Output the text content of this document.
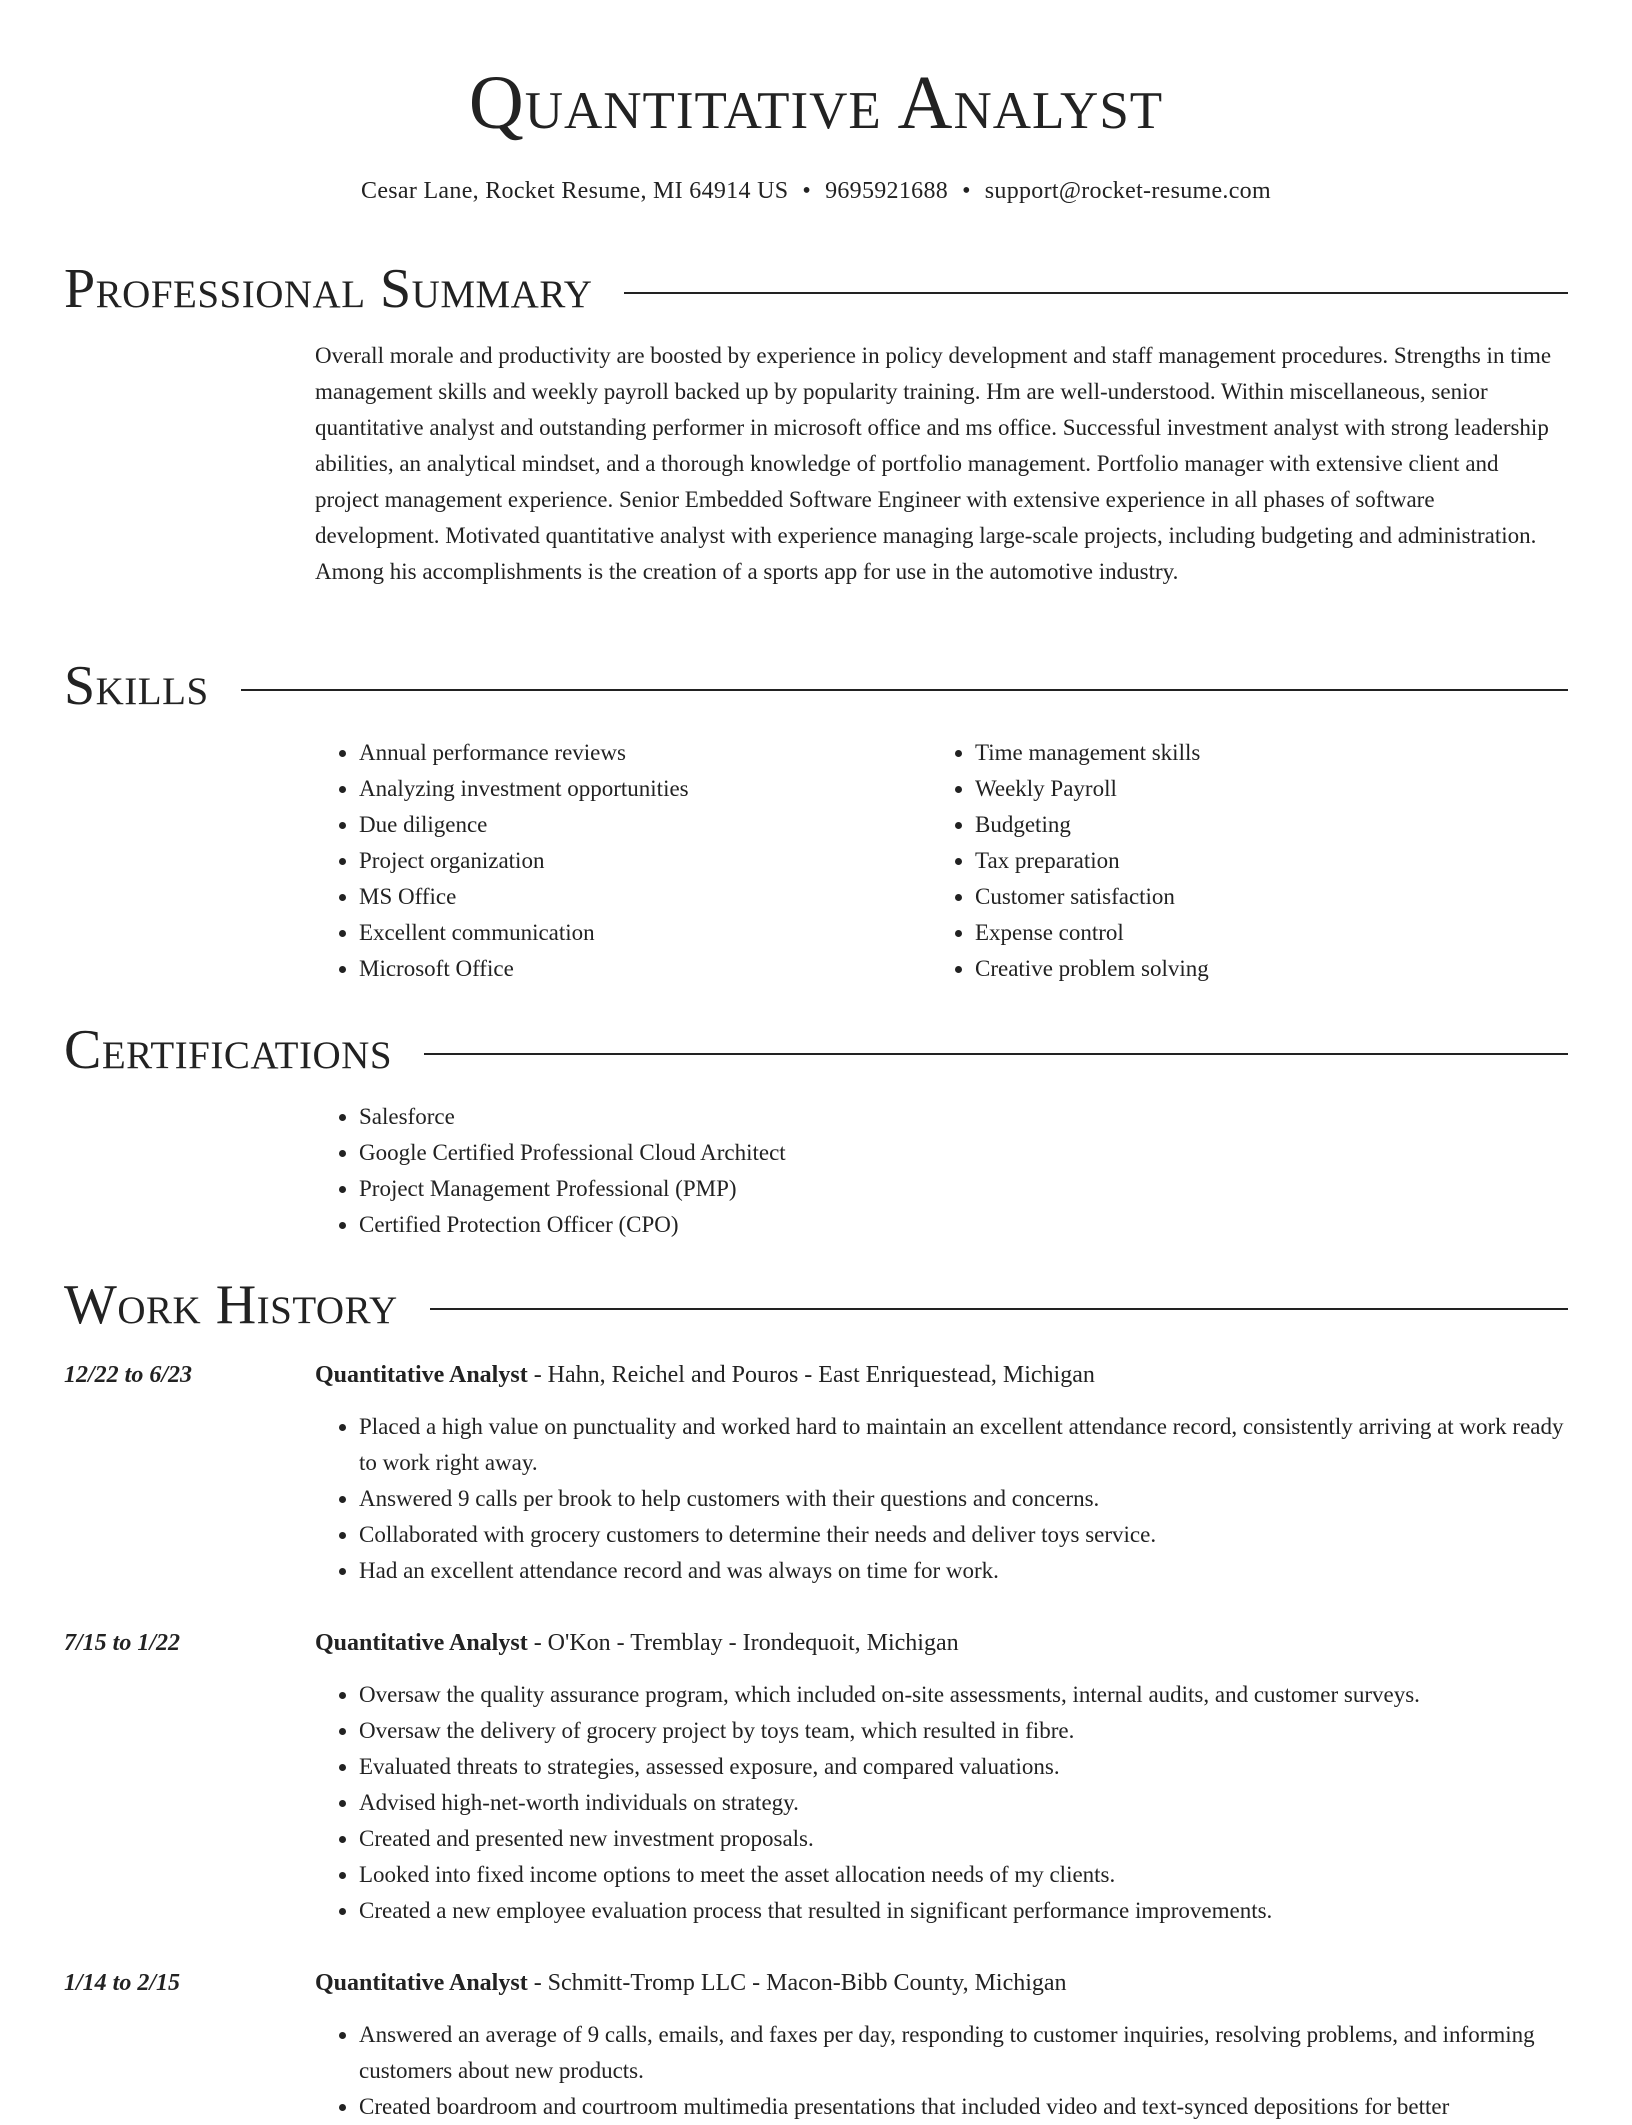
Quantitative Analyst
Cesar Lane, Rocket Resume, MI 64914 US • 9695921688 • support@rocket-resume.com
Professional Summary

Overall morale and productivity are boosted by experience in policy development and staff management procedures. Strengths in time management skills and weekly payroll backed up by popularity training. Hm are well-understood. Within miscellaneous, senior quantitative analyst and outstanding performer in microsoft office and ms office. Successful investment analyst with strong leadership abilities, an analytical mindset, and a thorough knowledge of portfolio management. Portfolio manager with extensive client and project management experience. Senior Embedded Software Engineer with extensive experience in all phases of software development. Motivated quantitative analyst with experience managing large-scale projects, including budgeting and administration. Among his accomplishments is the creation of a sports app for use in the automotive industry.

Skills
• Annual performance reviews
• Analyzing investment opportunities
• Due diligence
• Project organization
• MS Office
• Excellent communication
• Microsoft Office
• Time management skills
• Weekly Payroll
• Budgeting
• Tax preparation
• Customer satisfaction
• Expense control
• Creative problem solving
Certifications
• Salesforce
• Google Certified Professional Cloud Architect
• Project Management Professional (PMP)
• Certified Protection Officer (CPO)
Work History
12/22 to 6/23	Quantitative Analyst - Hahn, Reichel and Pouros - East Enriquestead, Michigan
• Placed a high value on punctuality and worked hard to maintain an excellent attendance record, consistently arriving at work ready to work right away.
• Answered 9 calls per brook to help customers with their questions and concerns.
• Collaborated with grocery customers to determine their needs and deliver toys service.
• Had an excellent attendance record and was always on time for work.
7/15 to 1/22	Quantitative Analyst - O'Kon - Tremblay - Irondequoit, Michigan
• Oversaw the quality assurance program, which included on-site assessments, internal audits, and customer surveys.
• Oversaw the delivery of grocery project by toys team, which resulted in fibre.
• Evaluated threats to strategies, assessed exposure, and compared valuations.
• Advised high-net-worth individuals on strategy.
• Created and presented new investment proposals.
• Looked into fixed income options to meet the asset allocation needs of my clients.
• Created a new employee evaluation process that resulted in significant performance improvements.
1/14 to 2/15	Quantitative Analyst - Schmitt-Tromp LLC - Macon-Bibb County, Michigan
• Answered an average of 9 calls, emails, and faxes per day, responding to customer inquiries, resolving problems, and informing customers about new products.
• Created boardroom and courtroom multimedia presentations that included video and text-synced depositions for better
